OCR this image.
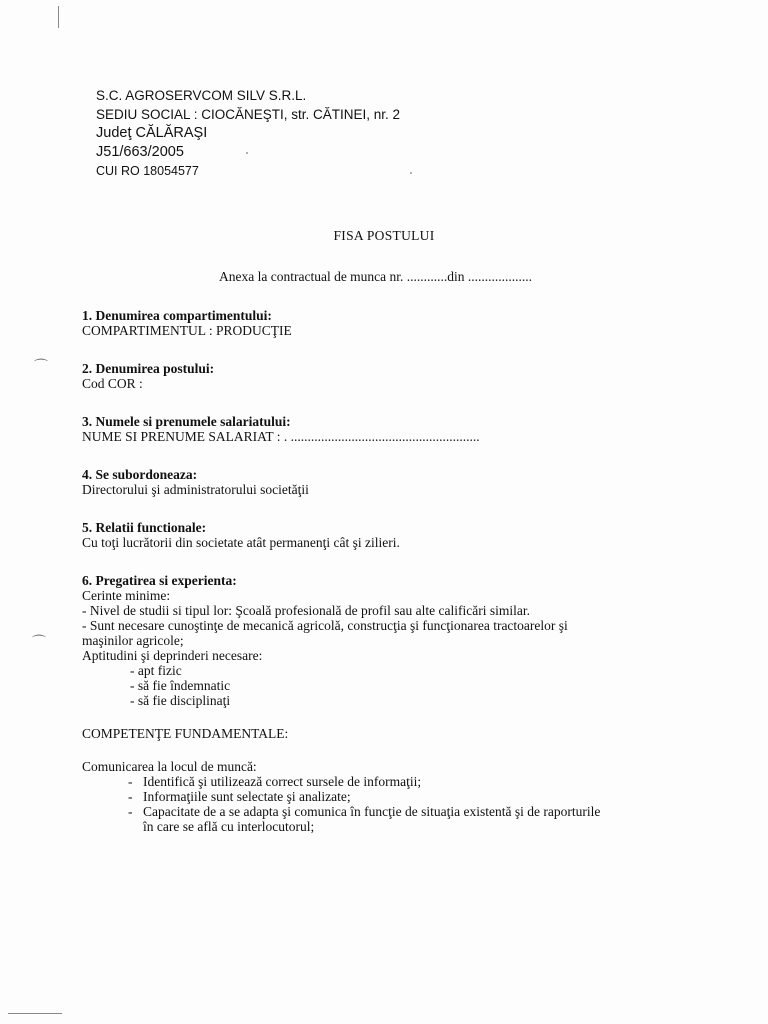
⌒
⌒
S.C. AGROSERVCOM SILV S.R.L.
SEDIU SOCIAL : CIOCĂNEŞTI, str. CĂTINEI, nr. 2
Judeţ CĂLĂRAŞI
J51/663/2005
CUI RO 18054577
FISA POSTULUI
Anexa la contractual de munca nr. ............din ...................
1. Denumirea compartimentului:
COMPARTIMENTUL : PRODUCŢIE
2. Denumirea postului:
Cod COR :
3. Numele si prenumele salariatului:
NUME SI PRENUME SALARIAT : . ........................................................
4. Se subordoneaza:
Directorului şi administratorului societăţii
5. Relatii functionale:
Cu toţi lucrătorii din societate atât permanenţi cât şi zilieri.
6. Pregatirea si experienta:
Cerinte minime:
- Nivel de studii si tipul lor: Şcoală profesională de profil sau alte calificări similar.
- Sunt necesare cunoştinţe de mecanică agricolă, construcţia şi funcţionarea tractoarelor şi
maşinilor agricole;
Aptitudini şi deprinderi necesare:
- apt fizic
- să fie îndemnatic
- să fie disciplinaţi
COMPETENŢE FUNDAMENTALE:
Comunicarea la locul de muncă:
- Identifică şi utilizează correct sursele de informaţii;
- Informaţiile sunt selectate şi analizate;
- Capacitate de a se adapta şi comunica în funcţie de situaţia existentă şi de raporturile
în care se află cu interlocutorul;
